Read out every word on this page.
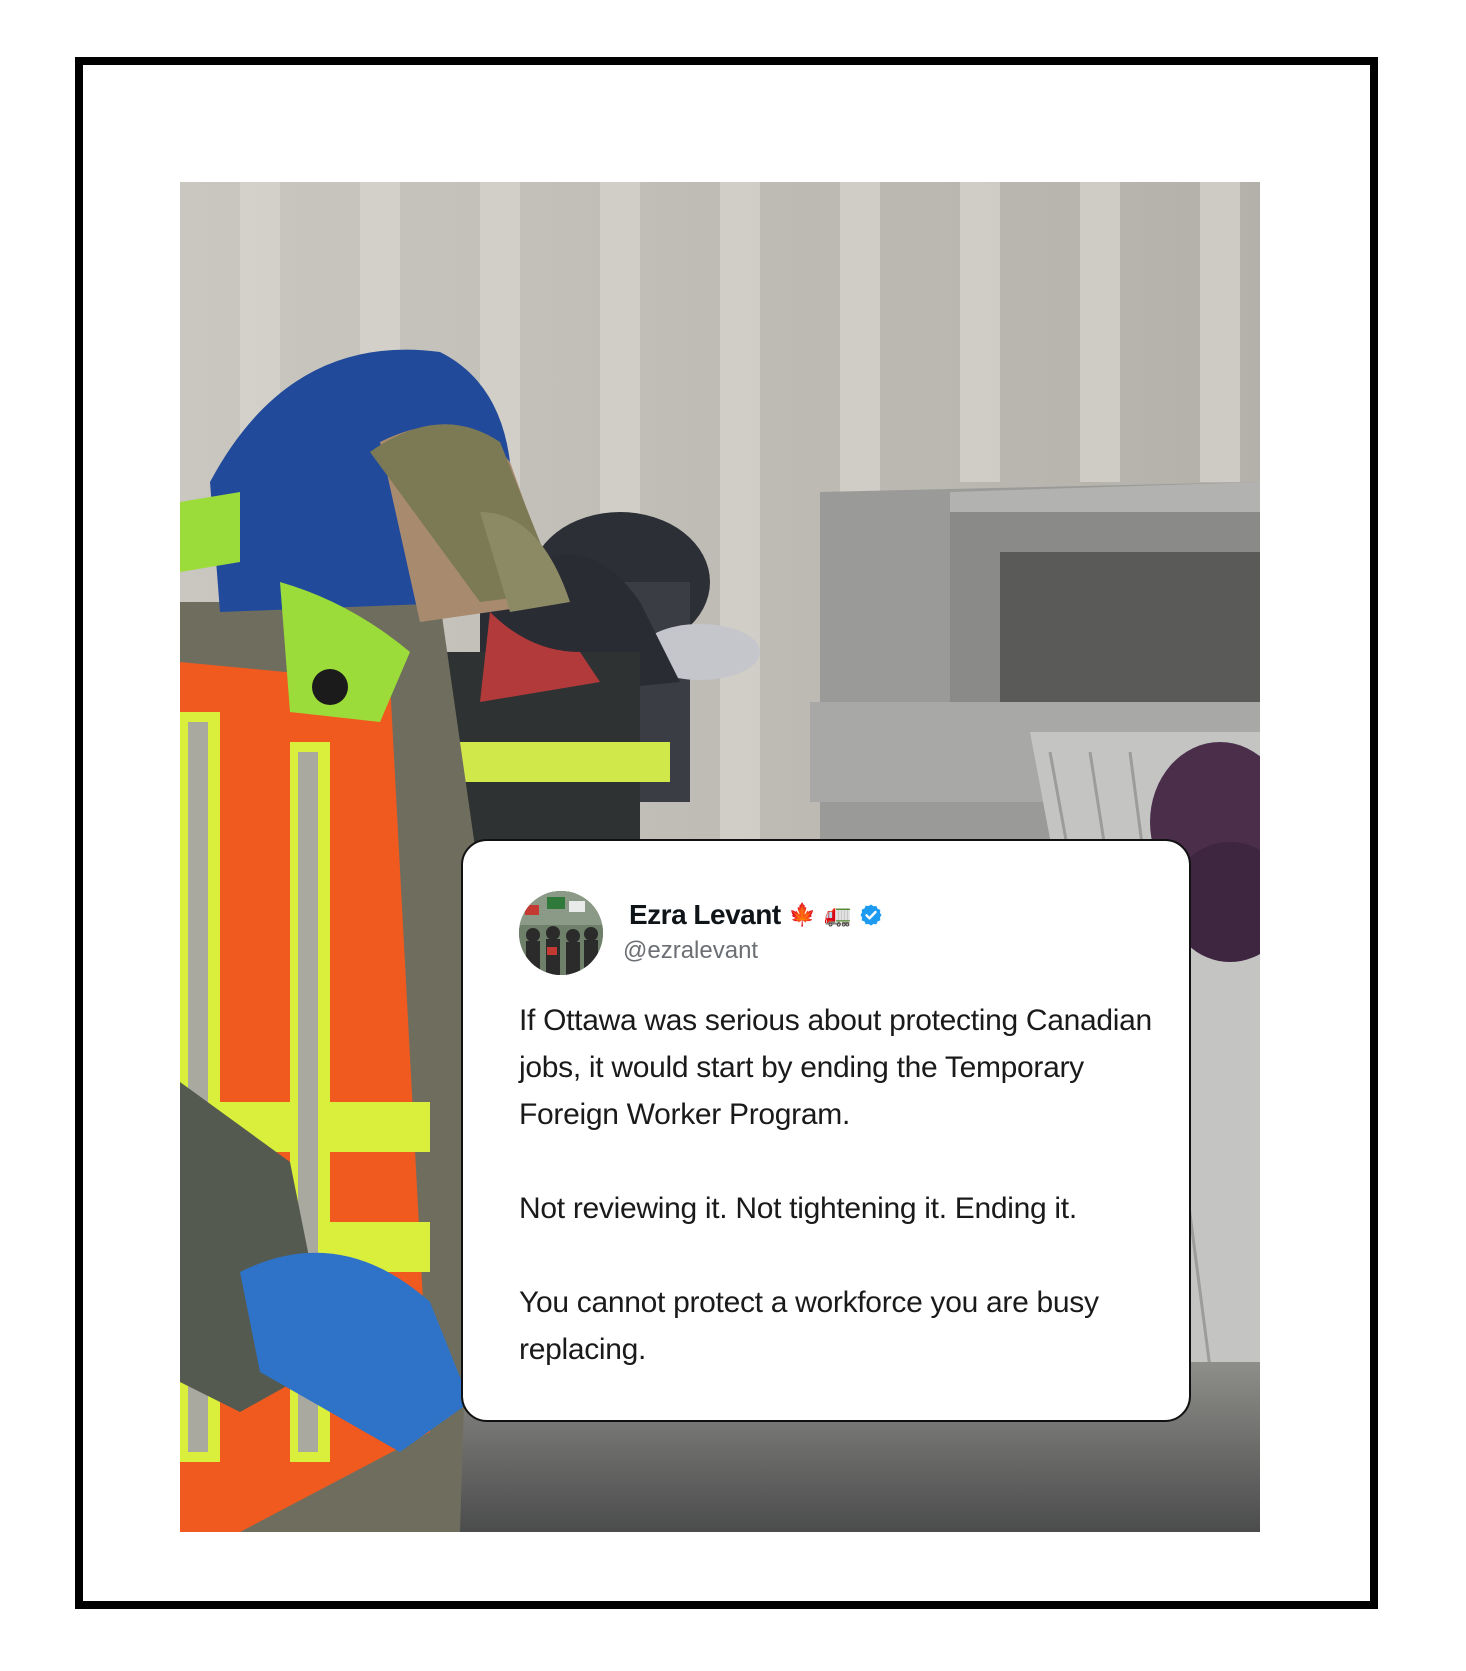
Ezra Levant 🍁 🚛
@ezralevant

If Ottawa was serious about protecting Canadian jobs, it would start by ending the Temporary Foreign Worker Program.

Not reviewing it. Not tightening it. Ending it.

You cannot protect a workforce you are busy replacing.
